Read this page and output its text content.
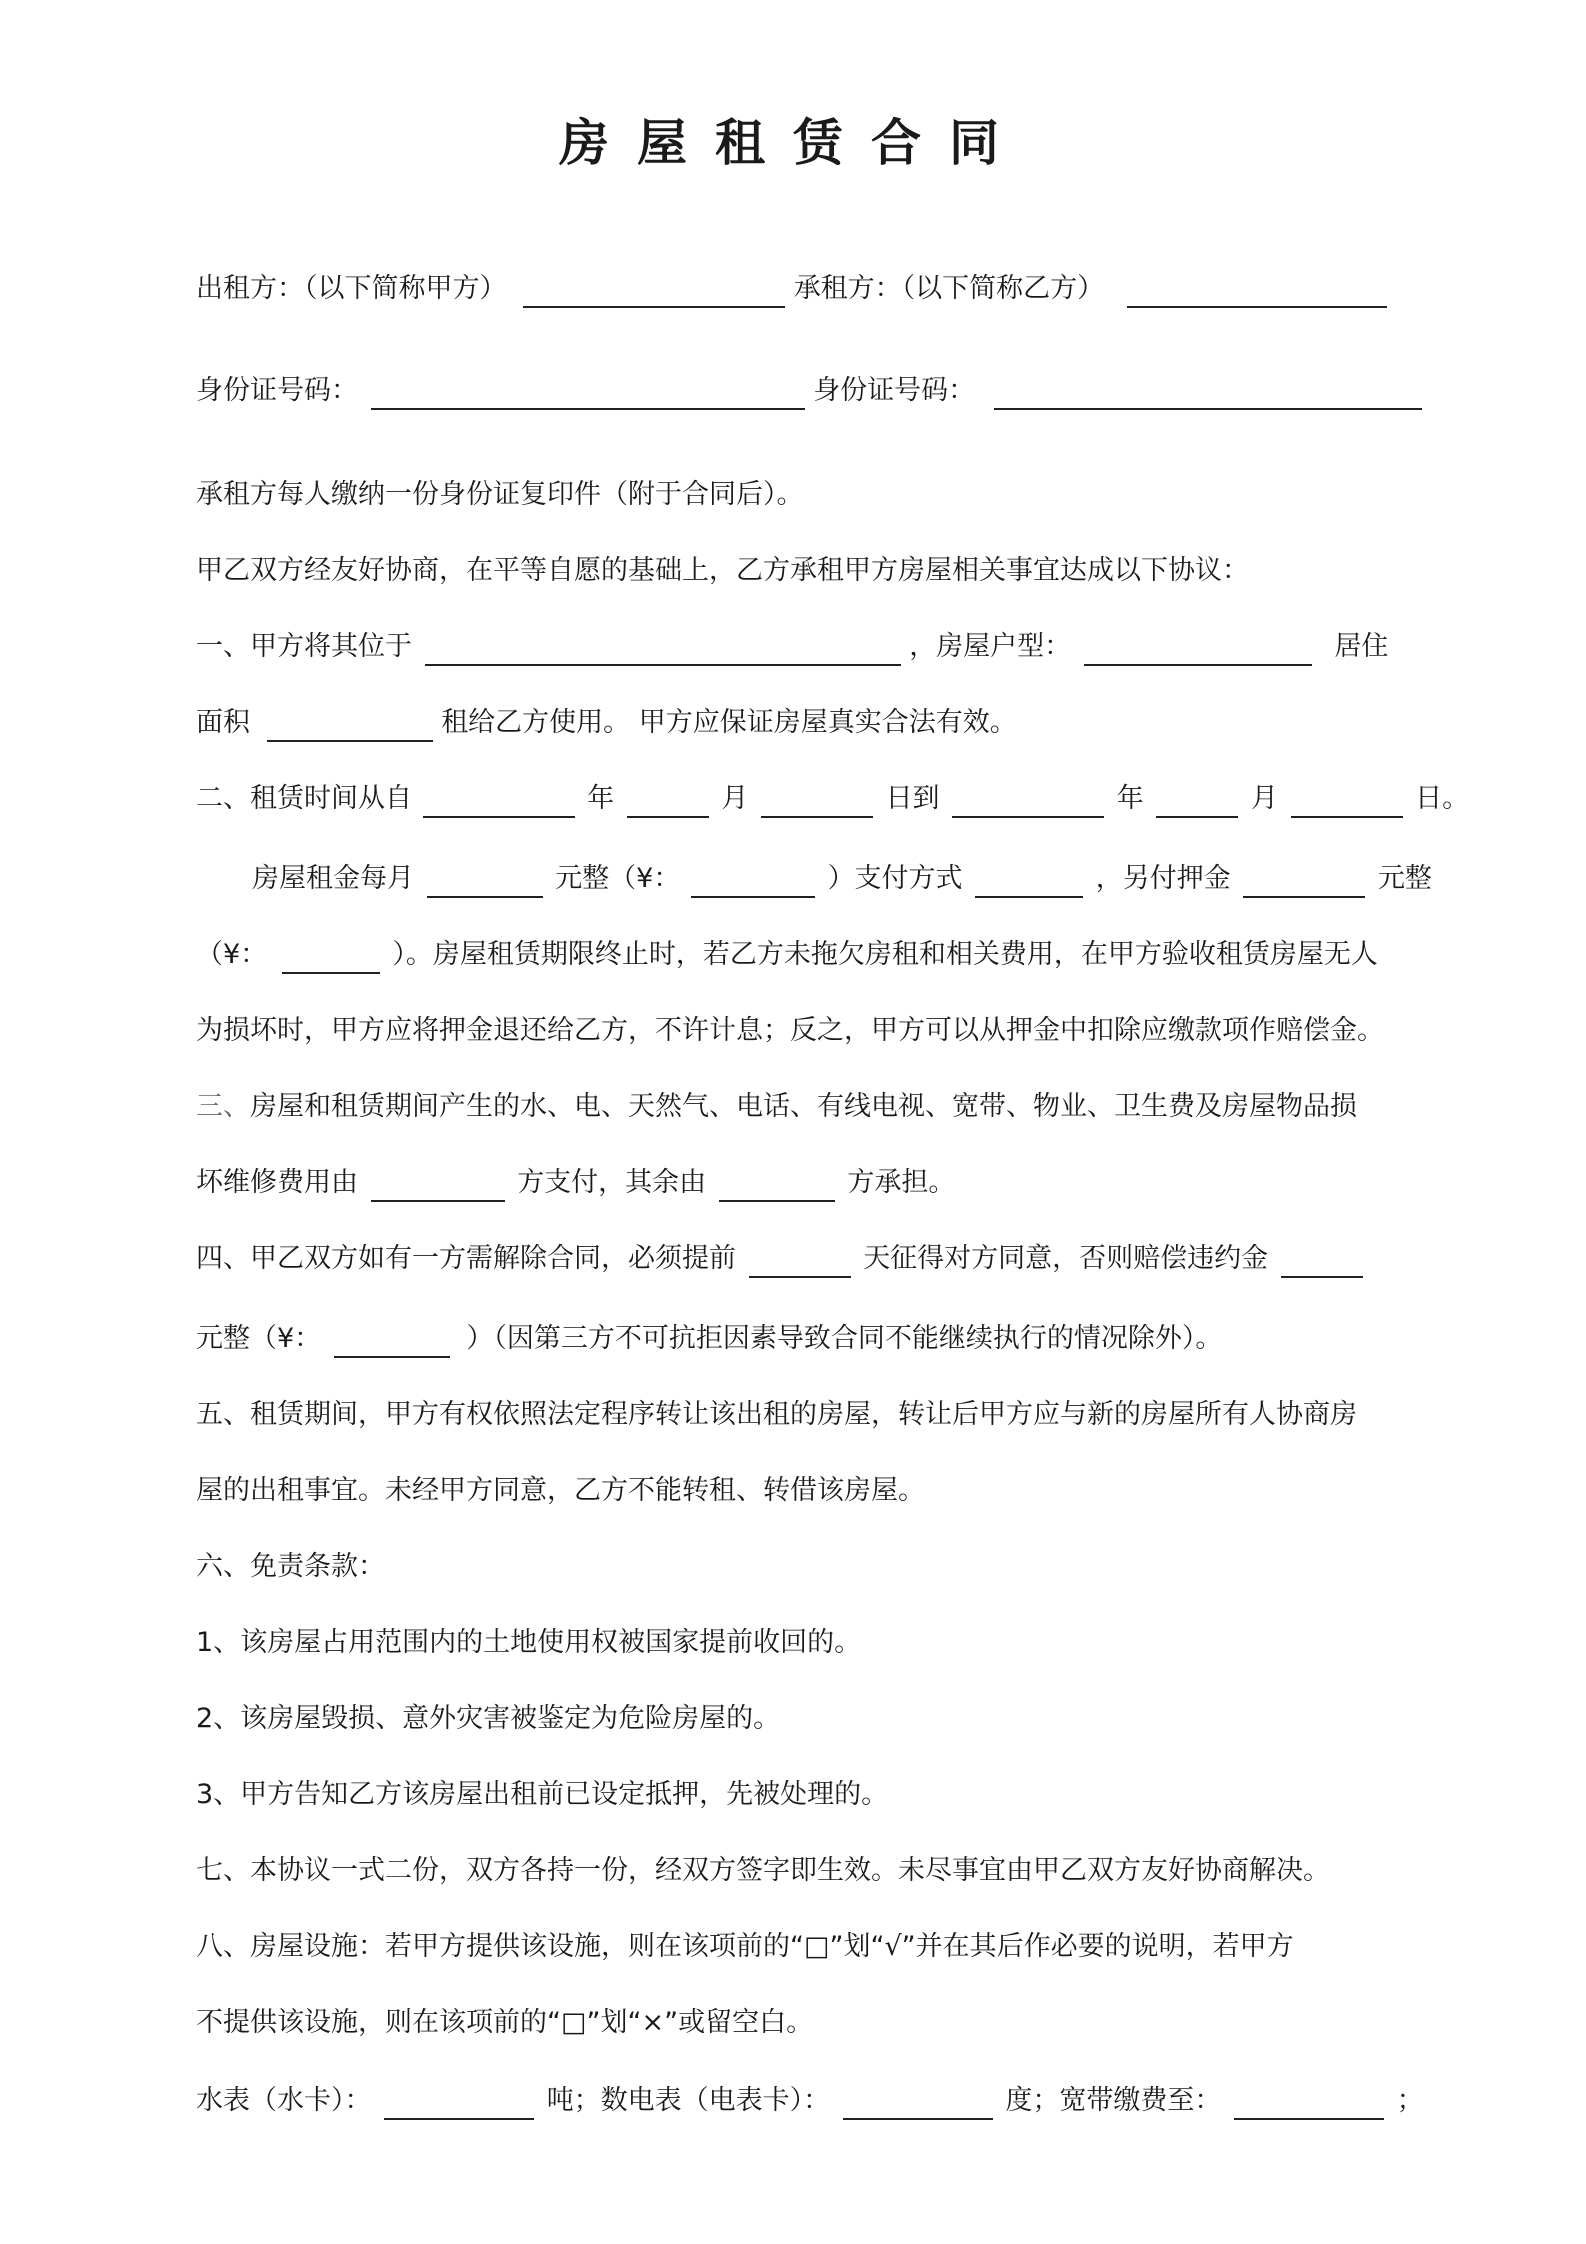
房屋租赁合同
出租方：（以下简称甲方）	承租方：（以下简称乙方）
身份证号码：	身份证号码：
承租方每人缴纳一份身份证复印件（附于合同后）。
甲乙双方经友好协商，在平等自愿的基础上，乙方承租甲方房屋相关事宜达成以下协议：
一、甲方将其位于	，房屋户型：	居住
面积	租给乙方使用。 甲方应保证房屋真实合法有效。
二、租赁时间从自	年	月	日到	年	月	日。
房屋租金每月	元整（¥：	）支付方式	，另付押金	元整
（¥：	）。房屋租赁期限终止时，若乙方未拖欠房租和相关费用，在甲方验收租赁房屋无人
为损坏时，甲方应将押金退还给乙方，不许计息；反之，甲方可以从押金中扣除应缴款项作赔偿金。
三、房屋和租赁期间产生的水、电、天然气、电话、有线电视、宽带、物业、卫生费及房屋物品损
坏维修费用由	方支付，其余由	方承担。
四、甲乙双方如有一方需解除合同，必须提前	天征得对方同意，否则赔偿违约金
元整（¥：	）（因第三方不可抗拒因素导致合同不能继续执行的情况除外）。
五、租赁期间，甲方有权依照法定程序转让该出租的房屋，转让后甲方应与新的房屋所有人协商房
屋的出租事宜。未经甲方同意，乙方不能转租、转借该房屋。
六、免责条款：
1、该房屋占用范围内的土地使用权被国家提前收回的。
2、该房屋毁损、意外灾害被鉴定为危险房屋的。
3、甲方告知乙方该房屋出租前已设定抵押，先被处理的。
七、本协议一式二份，双方各持一份，经双方签字即生效。未尽事宜由甲乙双方友好协商解决。
八、房屋设施：若甲方提供该设施，则在该项前的“□”划“√”并在其后作必要的说明，若甲方
不提供该设施，则在该项前的“□”划“×”或留空白。
水表（水卡）：	吨；数电表（电表卡）：	度；宽带缴费至：	；
